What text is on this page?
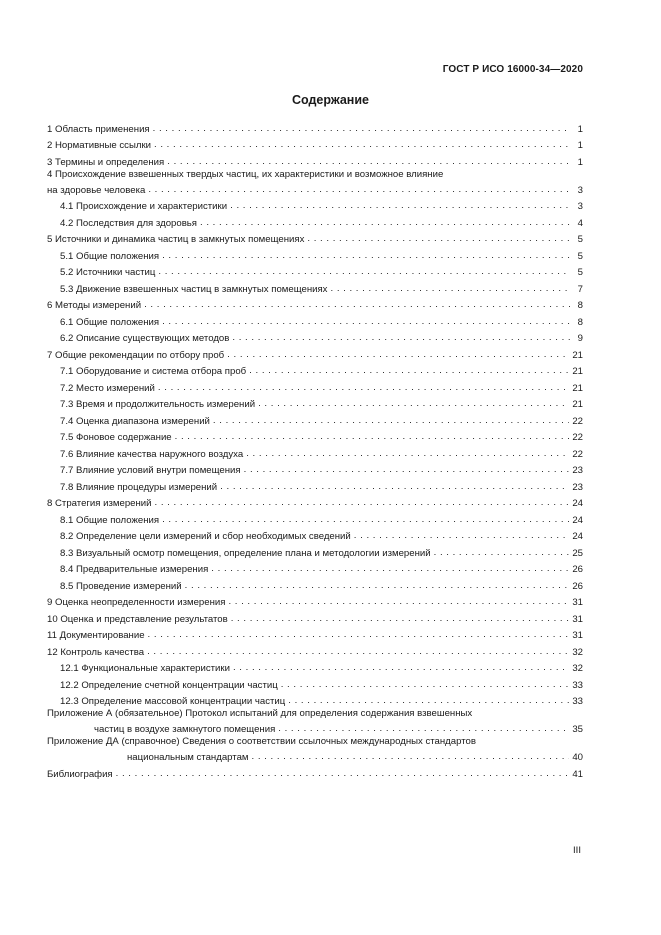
ГОСТ Р ИСО 16000-34—2020
Содержание
1 Область применения . . .	1
2 Нормативные ссылки . . .	1
3 Термины и определения . . .	1
4 Происхождение взвешенных твердых частиц, их характеристики и возможное влияние
на здоровье человека . . .	3
4.1 Происхождение и характеристики . . .	3
4.2 Последствия для здоровья . . .	4
5 Источники и динамика частиц в замкнутых помещениях . . .	5
5.1 Общие положения . . .	5
5.2 Источники частиц . . .	5
5.3 Движение взвешенных частиц в замкнутых помещениях . . .	7
6 Методы измерений . . .	8
6.1 Общие положения . . .	8
6.2 Описание существующих методов . . .	9
7 Общие рекомендации по отбору проб . . .	21
7.1 Оборудование и система отбора проб . . .	21
7.2 Место измерений . . .	21
7.3 Время и продолжительность измерений . . .	21
7.4 Оценка диапазона измерений . . .	22
7.5 Фоновое содержание . . .	22
7.6 Влияние качества наружного воздуха . . .	22
7.7 Влияние условий внутри помещения . . .	23
7.8 Влияние процедуры измерений . . .	23
8 Стратегия измерений . . .	24
8.1 Общие положения . . .	24
8.2 Определение цели измерений и сбор необходимых сведений . . .	24
8.3 Визуальный осмотр помещения, определение плана и методологии измерений . . .	25
8.4 Предварительные измерения . . .	26
8.5 Проведение измерений . . .	26
9 Оценка неопределенности измерения . . .	31
10 Оценка и представление результатов . . .	31
11 Документирование . . .	31
12 Контроль качества . . .	32
12.1 Функциональные характеристики . . .	32
12.2 Определение счетной концентрации частиц . . .	33
12.3 Определение массовой концентрации частиц . . .	33
Приложение А (обязательное) Протокол испытаний для определения содержания взвешенных
частиц в воздухе замкнутого помещения . . .	35
Приложение ДА (справочное) Сведения о соответствии ссылочных международных стандартов
национальным стандартам . . .	40
Библиография . . .	41
III
